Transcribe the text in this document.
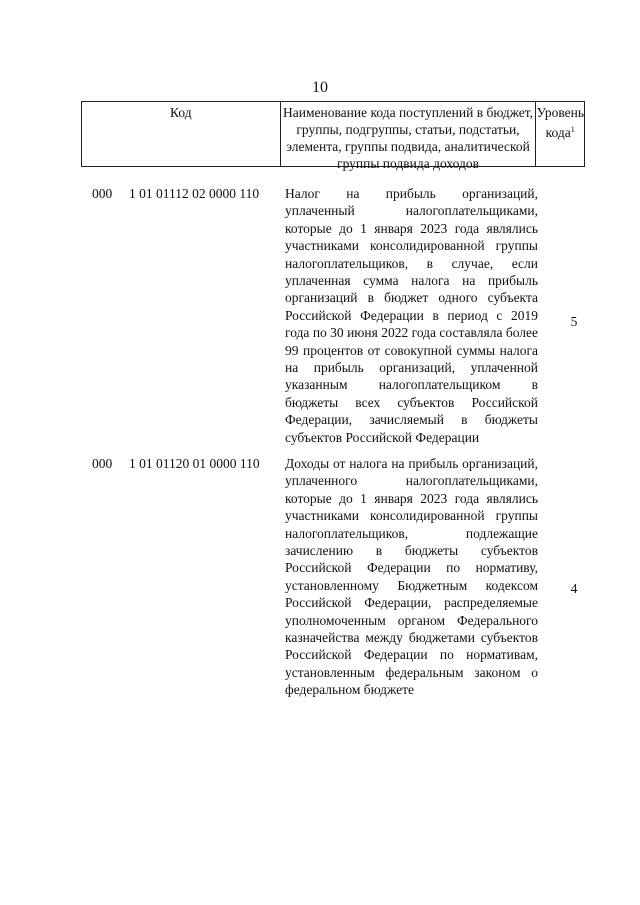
10
Код	Наименование кода поступлений в бюджет, группы, подгруппы, статьи, подстатьи, элемента, группы подвида, аналитической группы подвида доходов
Уровень кода$^1$
000 1 01 01112 02 0000 110 Налог на прибыль организаций, уплаченный налогоплательщиками, которые до 1 января 2023 года являлись участниками консолидированной группы налогоплательщиков, в случае, если уплаченная сумма налога на прибыль организаций в бюджет одного субъекта Российской Федерации в период с 2019 года по 30 июня 2022 года составляла более 99 процентов от совокупной суммы налога на прибыль организаций, уплаченной указанным налогоплательщиком в бюджеты всех субъектов Российской Федерации, зачисляемый в бюджеты субъектов Российской Федерации
5
000 1 01 01120 01 0000 110 Доходы от налога на прибыль организаций, уплаченного налогоплательщиками, которые до 1 января 2023 года являлись участниками консолидированной группы налогоплательщиков, подлежащие зачислению в бюджеты субъектов Российской Федерации по нормативу, установленному Бюджетным кодексом Российской Федерации, распределяемые уполномоченным органом Федерального казначейства между бюджетами субъектов Российской Федерации по нормативам, установленным федеральным законом о федеральном бюджете
4
